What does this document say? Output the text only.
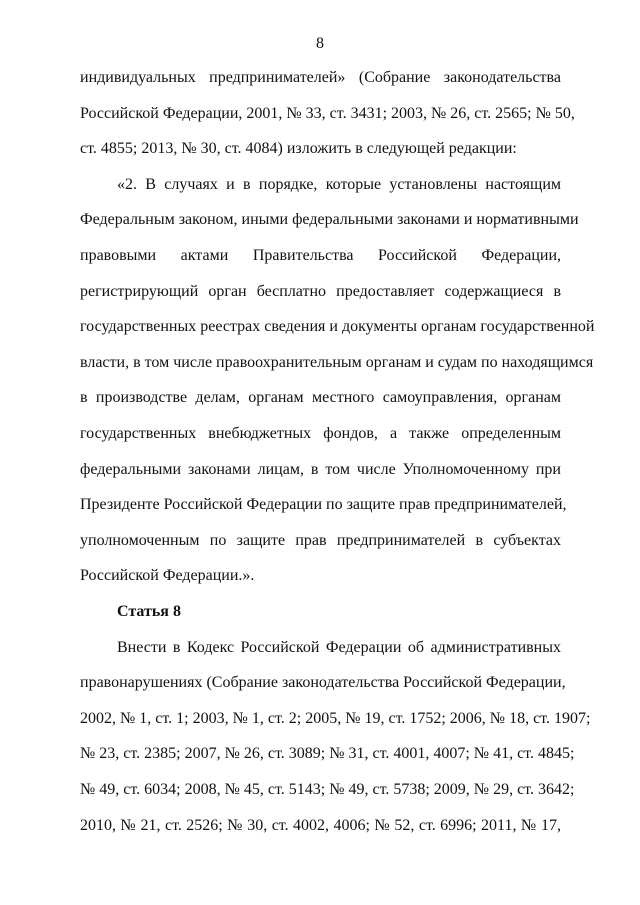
8
индивидуальных предпринимателей» (Собрание законодательства
Российской Федерации, 2001, № 33, ст. 3431; 2003, № 26, ст. 2565; № 50,
ст. 4855; 2013, № 30, ст. 4084) изложить в следующей редакции:
«2. В случаях и в порядке, которые установлены настоящим
Федеральным законом, иными федеральными законами и нормативными
правовыми актами Правительства Российской Федерации,
регистрирующий орган бесплатно предоставляет содержащиеся в
государственных реестрах сведения и документы органам государственной
власти, в том числе правоохранительным органам и судам по находящимся
в производстве делам, органам местного самоуправления, органам
государственных внебюджетных фондов, а также определенным
федеральными законами лицам, в том числе Уполномоченному при
Президенте Российской Федерации по защите прав предпринимателей,
уполномоченным по защите прав предпринимателей в субъектах
Российской Федерации.».
Статья 8
Внести в Кодекс Российской Федерации об административных
правонарушениях (Собрание законодательства Российской Федерации,
2002, № 1, ст. 1; 2003, № 1, ст. 2; 2005, № 19, ст. 1752; 2006, № 18, ст. 1907;
№ 23, ст. 2385; 2007, № 26, ст. 3089; № 31, ст. 4001, 4007; № 41, ст. 4845;
№ 49, ст. 6034; 2008, № 45, ст. 5143; № 49, ст. 5738; 2009, № 29, ст. 3642;
2010, № 21, ст. 2526; № 30, ст. 4002, 4006; № 52, ст. 6996; 2011, № 17,
